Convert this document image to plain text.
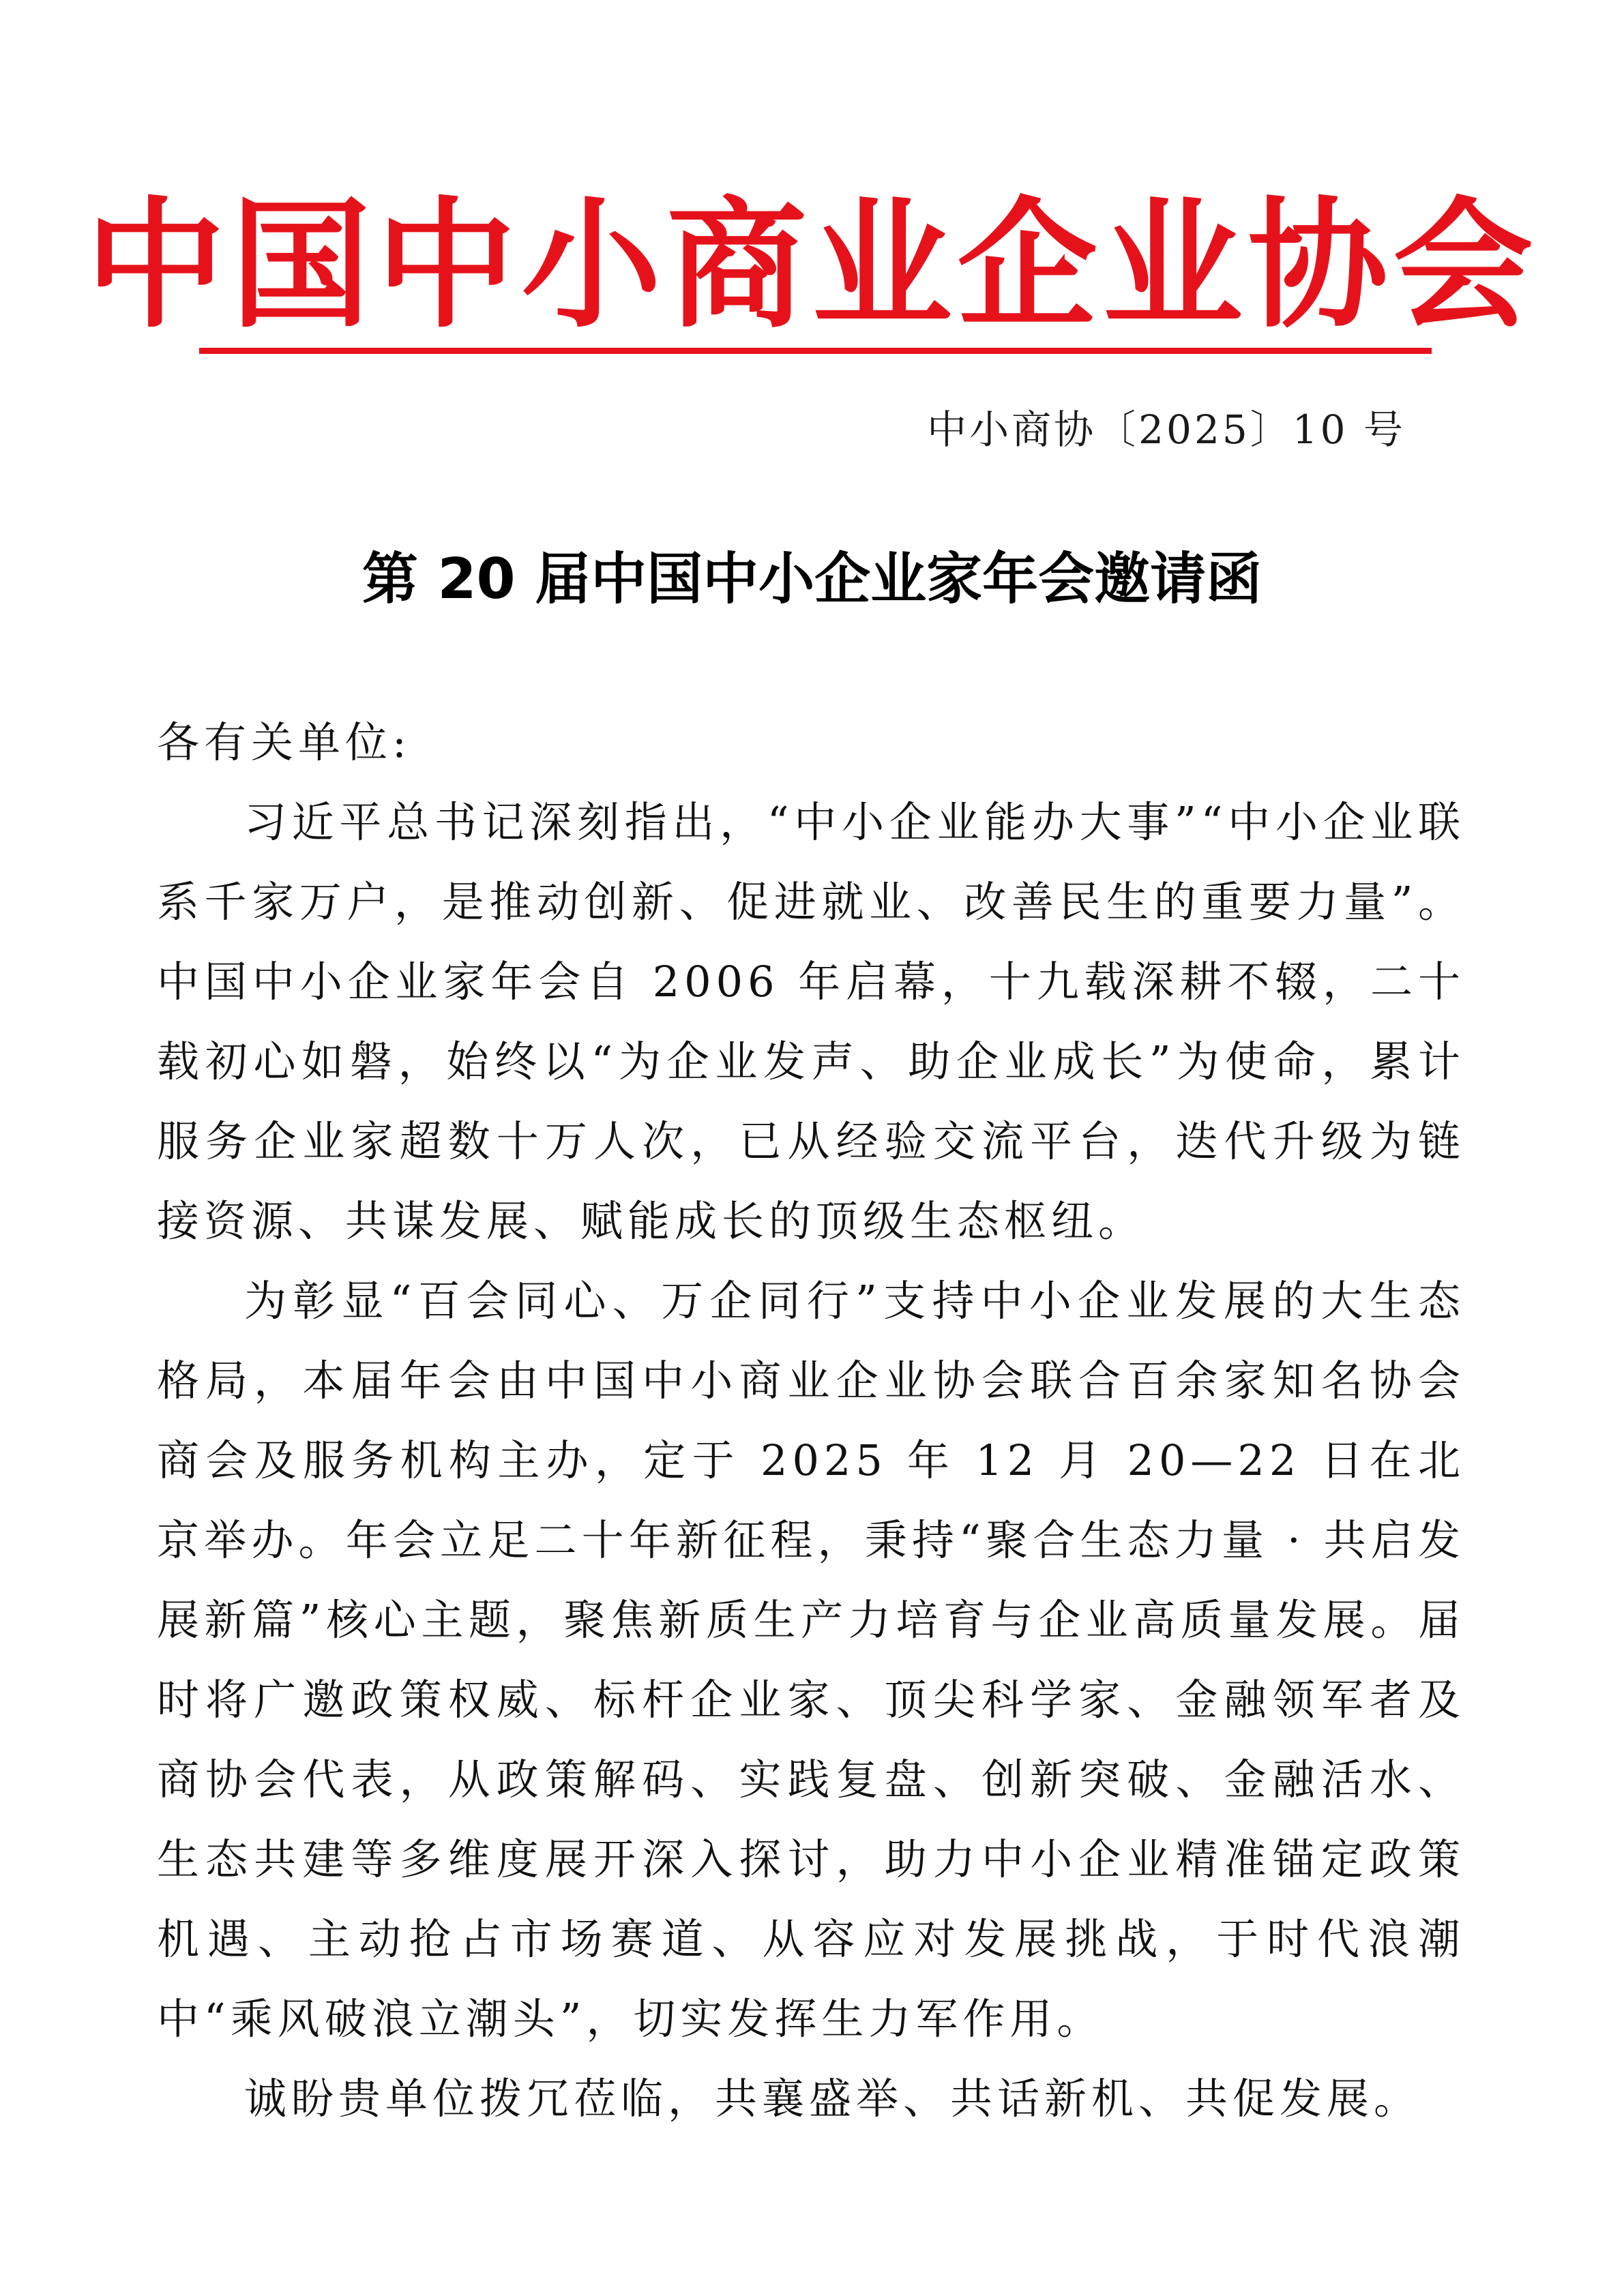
中国中小商业企业协会
中小商协〔2025〕10 号
第 20 届中国中小企业家年会邀请函

各有关单位:

习近平总书记深刻指出，“中小企业能办大事”“中小企业联系千家万户，是推动创新、促进就业、改善民生的重要力量”。中国中小企业家年会自 2006 年启幕，十九载深耕不辍，二十载初心如磐，始终以“为企业发声、助企业成长”为使命，累计服务企业家超数十万人次，已从经验交流平台，迭代升级为链接资源、共谋发展、赋能成长的顶级生态枢纽。

为彰显“百会同心、万企同行”支持中小企业发展的大生态格局，本届年会由中国中小商业企业协会联合百余家知名协会商会及服务机构主办，定于 2025 年 12 月 20—22 日在北京举办。年会立足二十年新征程，秉持“聚合生态力量 · 共启发展新篇”核心主题，聚焦新质生产力培育与企业高质量发展。届时将广邀政策权威、标杆企业家、顶尖科学家、金融领军者及商协会代表，从政策解码、实践复盘、创新突破、金融活水、生态共建等多维度展开深入探讨，助力中小企业精准锚定政策机遇、主动抢占市场赛道、从容应对发展挑战，于时代浪潮中“乘风破浪立潮头”，切实发挥生力军作用。

诚盼贵单位拨冗莅临，共襄盛举、共话新机、共促发展。
